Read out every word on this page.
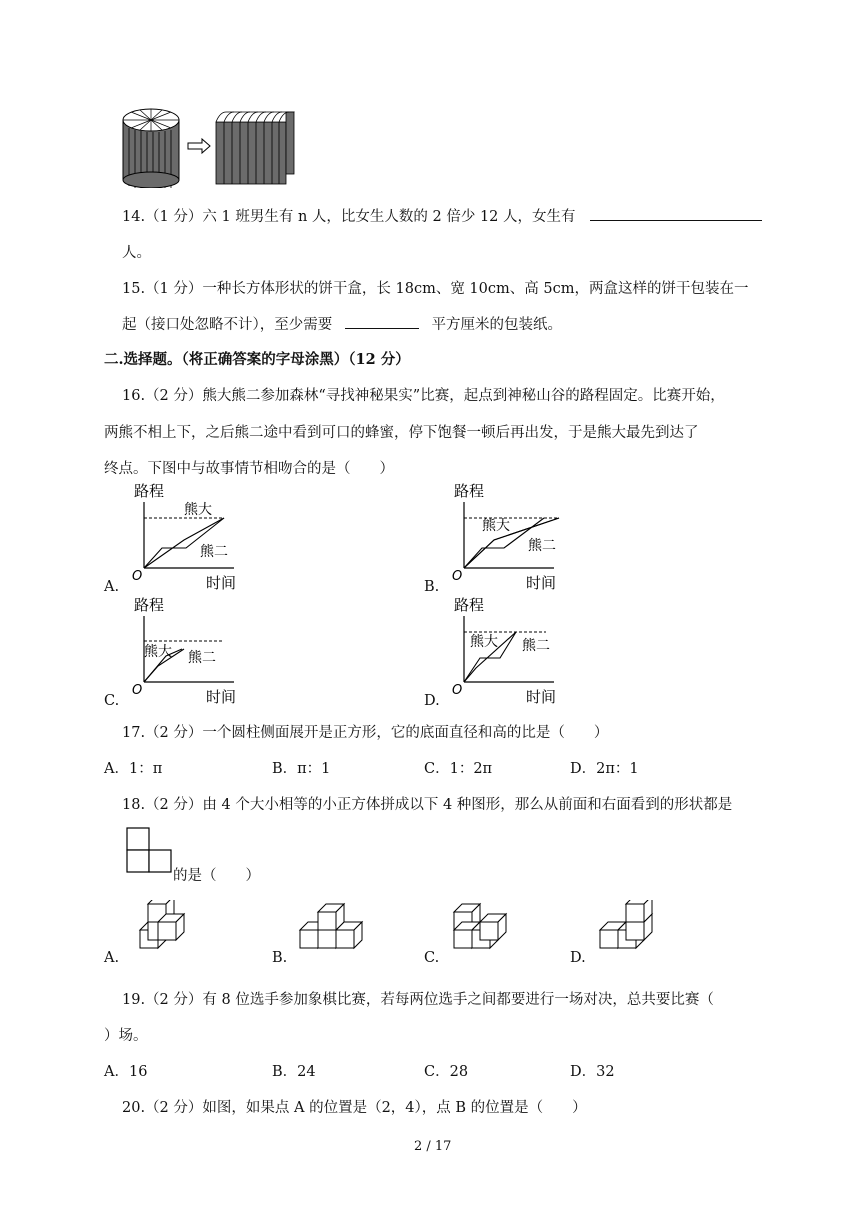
14.（1 分）六 1 班男生有 n 人，比女生人数的 2 倍少 12 人，女生有
人。
15.（1 分）一种长方体形状的饼干盒，长 18cm、宽 10cm、高 5cm，两盒这样的饼干包装在一
起（接口处忽略不计），至少需要	平方厘米的包装纸。
二.选择题。（将正确答案的字母涂黑）（12 分）
16.（2 分）熊大熊二参加森林“寻找神秘果实”比赛，起点到神秘山谷的路程固定。比赛开始，
两熊不相上下，之后熊二途中看到可口的蜂蜜，停下饱餐一顿后再出发，于是熊大最先到达了
终点。下图中与故事情节相吻合的是（　　）
路程
O	时间
熊大
熊二
路程
O	时间
熊大
熊二
路程
O	时间
熊大 熊二
路程
O	时间
熊大 熊二
A.	B.
C.	D.
17.（2 分）一个圆柱侧面展开是正方形，它的底面直径和高的比是（　　）
A．1：π	B．π：1	C．1：2π	D．2π：1
18.（2 分）由 4 个大小相等的小正方体拼成以下 4 种图形，那么从前面和右面看到的形状都是
的是（　　）
A.	B.	C.	D.
19.（2 分）有 8 位选手参加象棋比赛，若每两位选手之间都要进行一场对决，总共要比赛（
）场。
A．16	B．24	C．28	D．32
20.（2 分）如图，如果点 A 的位置是（2，4），点 B 的位置是（　　）
2 / 17
